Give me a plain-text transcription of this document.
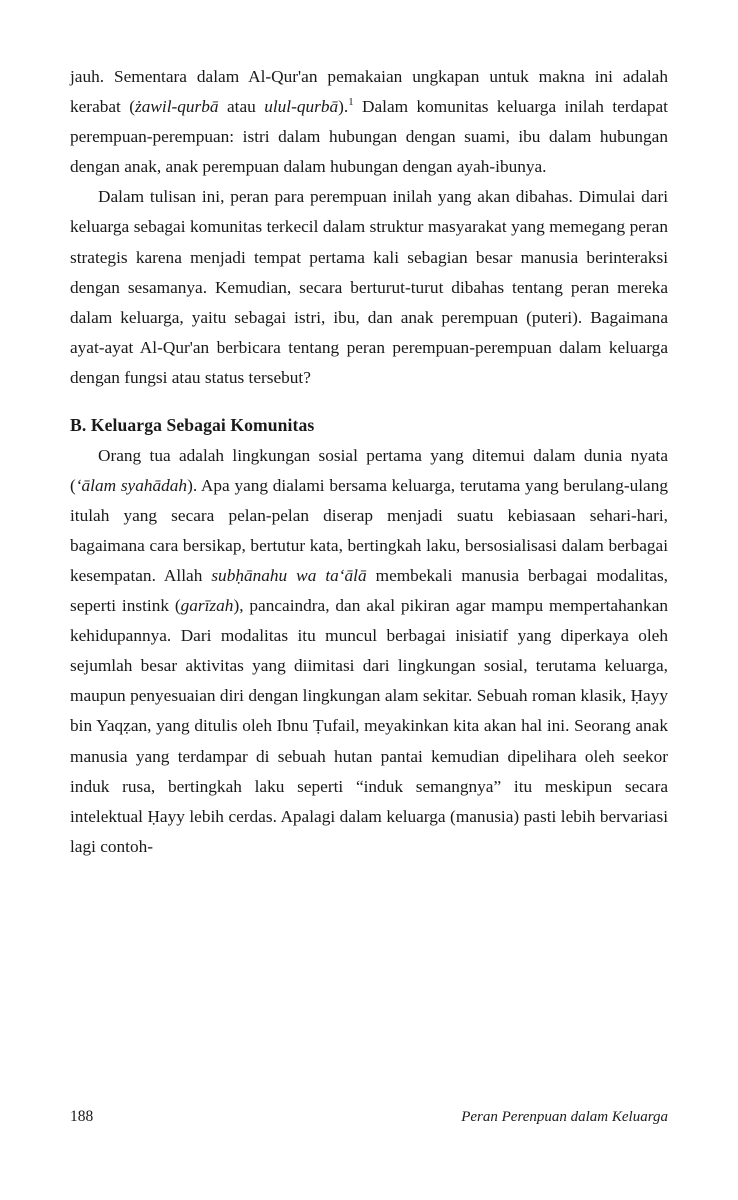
jauh. Sementara dalam Al-Qur'an pemakaian ungkapan untuk makna ini adalah kerabat (żawil-qurbā atau ulul-qurbā).$^1$ Dalam komunitas keluarga inilah terdapat perempuan-perempuan: istri dalam hubungan dengan suami, ibu dalam hubungan dengan anak, anak perempuan dalam hubungan dengan ayah-ibunya.

Dalam tulisan ini, peran para perempuan inilah yang akan dibahas. Dimulai dari keluarga sebagai komunitas terkecil dalam struktur masyarakat yang memegang peran strategis karena menjadi tempat pertama kali sebagian besar manusia berinteraksi dengan sesamanya. Kemudian, secara berturut-turut dibahas tentang peran mereka dalam keluarga, yaitu sebagai istri, ibu, dan anak perempuan (puteri). Bagaimana ayat-ayat Al-Qur'an berbicara tentang peran perempuan-perempuan dalam keluarga dengan fungsi atau status tersebut?

B. Keluarga Sebagai Komunitas

Orang tua adalah lingkungan sosial pertama yang ditemui dalam dunia nyata (‘ālam syahādah). Apa yang dialami bersama keluarga, terutama yang berulang-ulang itulah yang secara pelan-pelan diserap menjadi suatu kebiasaan sehari-hari, bagaimana cara bersikap, bertutur kata, bertingkah laku, bersosialisasi dalam berbagai kesempatan. Allah subḥānahu wa ta‘ālā membekali manusia berbagai modalitas, seperti instink (garīzah), pancaindra, dan akal pikiran agar mampu mempertahankan kehidupannya. Dari modalitas itu muncul berbagai inisiatif yang diperkaya oleh sejumlah besar aktivitas yang diimitasi dari lingkungan sosial, terutama keluarga, maupun penyesuaian diri dengan lingkungan alam sekitar. Sebuah roman klasik, Ḥayy bin Yaqẓan, yang ditulis oleh Ibnu Ṭufail, meyakinkan kita akan hal ini. Seorang anak manusia yang terdampar di sebuah hutan pantai kemudian dipelihara oleh seekor induk rusa, bertingkah laku seperti “induk semangnya” itu meskipun secara intelektual Ḥayy lebih cerdas. Apalagi dalam keluarga (manusia) pasti lebih bervariasi lagi contoh-

188	Peran Perenpuan dalam Keluarga
